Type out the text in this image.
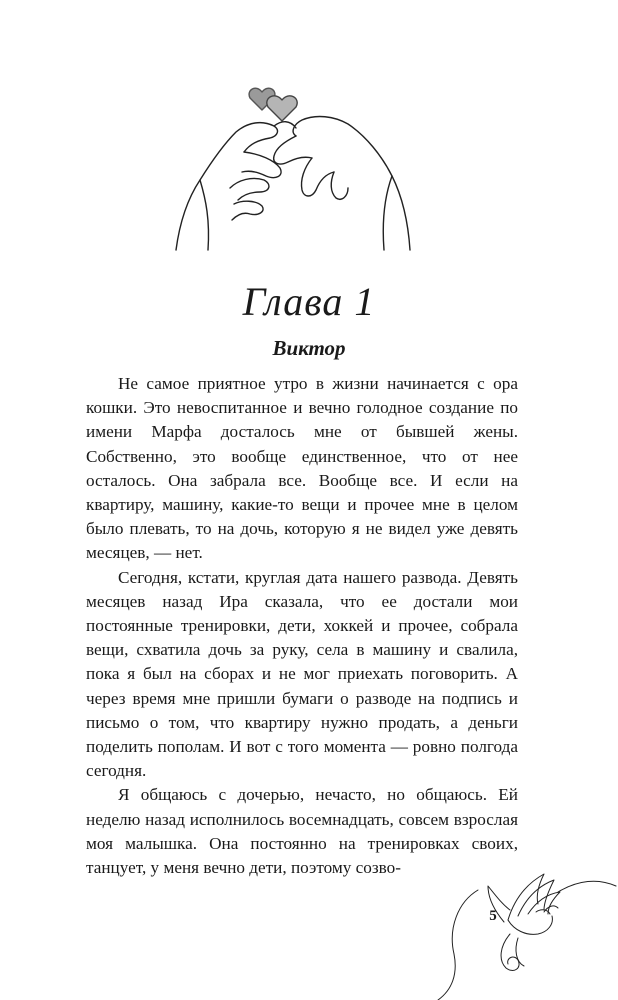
Глава 1
Виктор

Не самое приятное утро в жизни начинается с ора кошки. Это невоспитанное и вечно голодное создание по имени Марфа досталось мне от бывшей жены. Собственно, это вообще единственное, что от нее осталось. Она забрала все. Вообще все. И если на квартиру, машину, какие-то вещи и прочее мне в целом было плевать, то на дочь, которую я не видел уже девять месяцев, — нет.

Сегодня, кстати, круглая дата нашего развода. Девять месяцев назад Ира сказала, что ее достали мои постоянные тренировки, дети, хоккей и прочее, собрала вещи, схватила дочь за руку, села в машину и свалила, пока я был на сборах и не мог приехать поговорить. А через время мне пришли бумаги о разводе на подпись и письмо о том, что квартиру нужно продать, а деньги поделить пополам. И вот с того момента — ровно полгода сегодня.

Я общаюсь с дочерью, нечасто, но общаюсь. Ей неделю назад исполнилось восемнадцать, совсем взрослая моя малышка. Она постоянно на тренировках своих, танцует, у меня вечно дети, поэтому созво-

5
